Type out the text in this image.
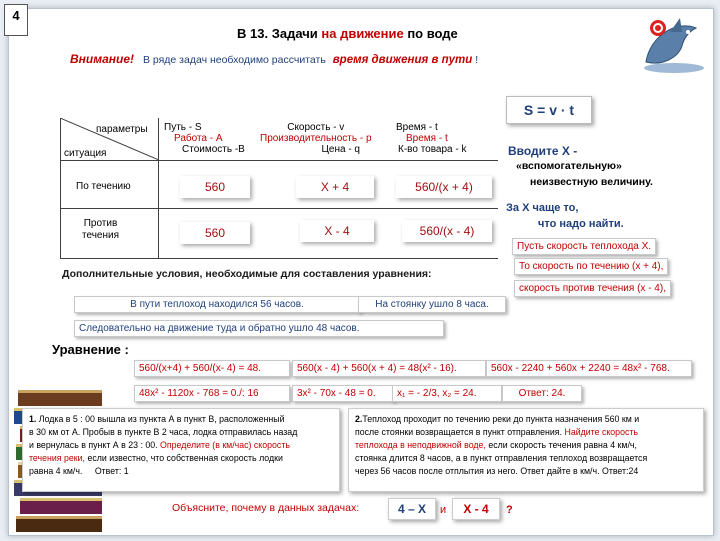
4
В 13. Задачи на движение по воде
Внимание! В ряде задач необходимо рассчитать время движения в пути !
S = v · t
параметры
ситуация
Путь - S
Работа - А
Стоимость -В
Скорость - v
Производительность - р
Цена - q
Время - t
Время - t
К-во товара - k
По течению	560	Х + 4	560/(х + 4)
Против
течения	560	Х - 4	560/(х - 4)
Вводите Х -
«вспомогательную»
неизвестную величину.
За Х чаще то,
что надо найти.
Пусть скорость теплохода Х.
То скорость по течению (х + 4),
скорость против течения (х - 4),
Дополнительные условия, необходимые для составления уравнения:
В пути теплоход находился 56 часов.	На стоянку ушло 8 часа.
Следовательно на движение туда и обратно ушло 48 часов.
Уравнение :
560/(х+4) + 560/(х- 4) = 48.	560(х - 4) + 560(х + 4) = 48(х² - 16).	560х - 2240 + 560х + 2240 = 48х² - 768.
48х² - 1120х - 768 = 0./: 16	3х² - 70х - 48 = 0.	х₁ = - 2/3, х₂ = 24.	Ответ: 24.
1. Лодка в 5 : 00 вышла из пункта А в пункт В, расположенный
в 30 км от А. Пробыв в пункте В 2 часа, лодка отправилась назад
и вернулась в пункт А в 23 : 00. Определите (в км/час) скорость
течения реки, если известно, что собственная скорость лодки
равна 4 км/ч. Ответ: 1
2.Теплоход проходит по течению реки до пункта назначения 560 км и
после стоянки возвращается в пункт отправления. Найдите скорость
теплохода в неподвижной воде, если скорость течения равна 4 км/ч,
стоянка длится 8 часов, а в пункт отправления теплоход возвращается
через 56 часов после отплытия из него. Ответ дайте в км/ч. Ответ:24
Объясните, почему в данных задачах:	4 – Х	и	Х - 4	?
